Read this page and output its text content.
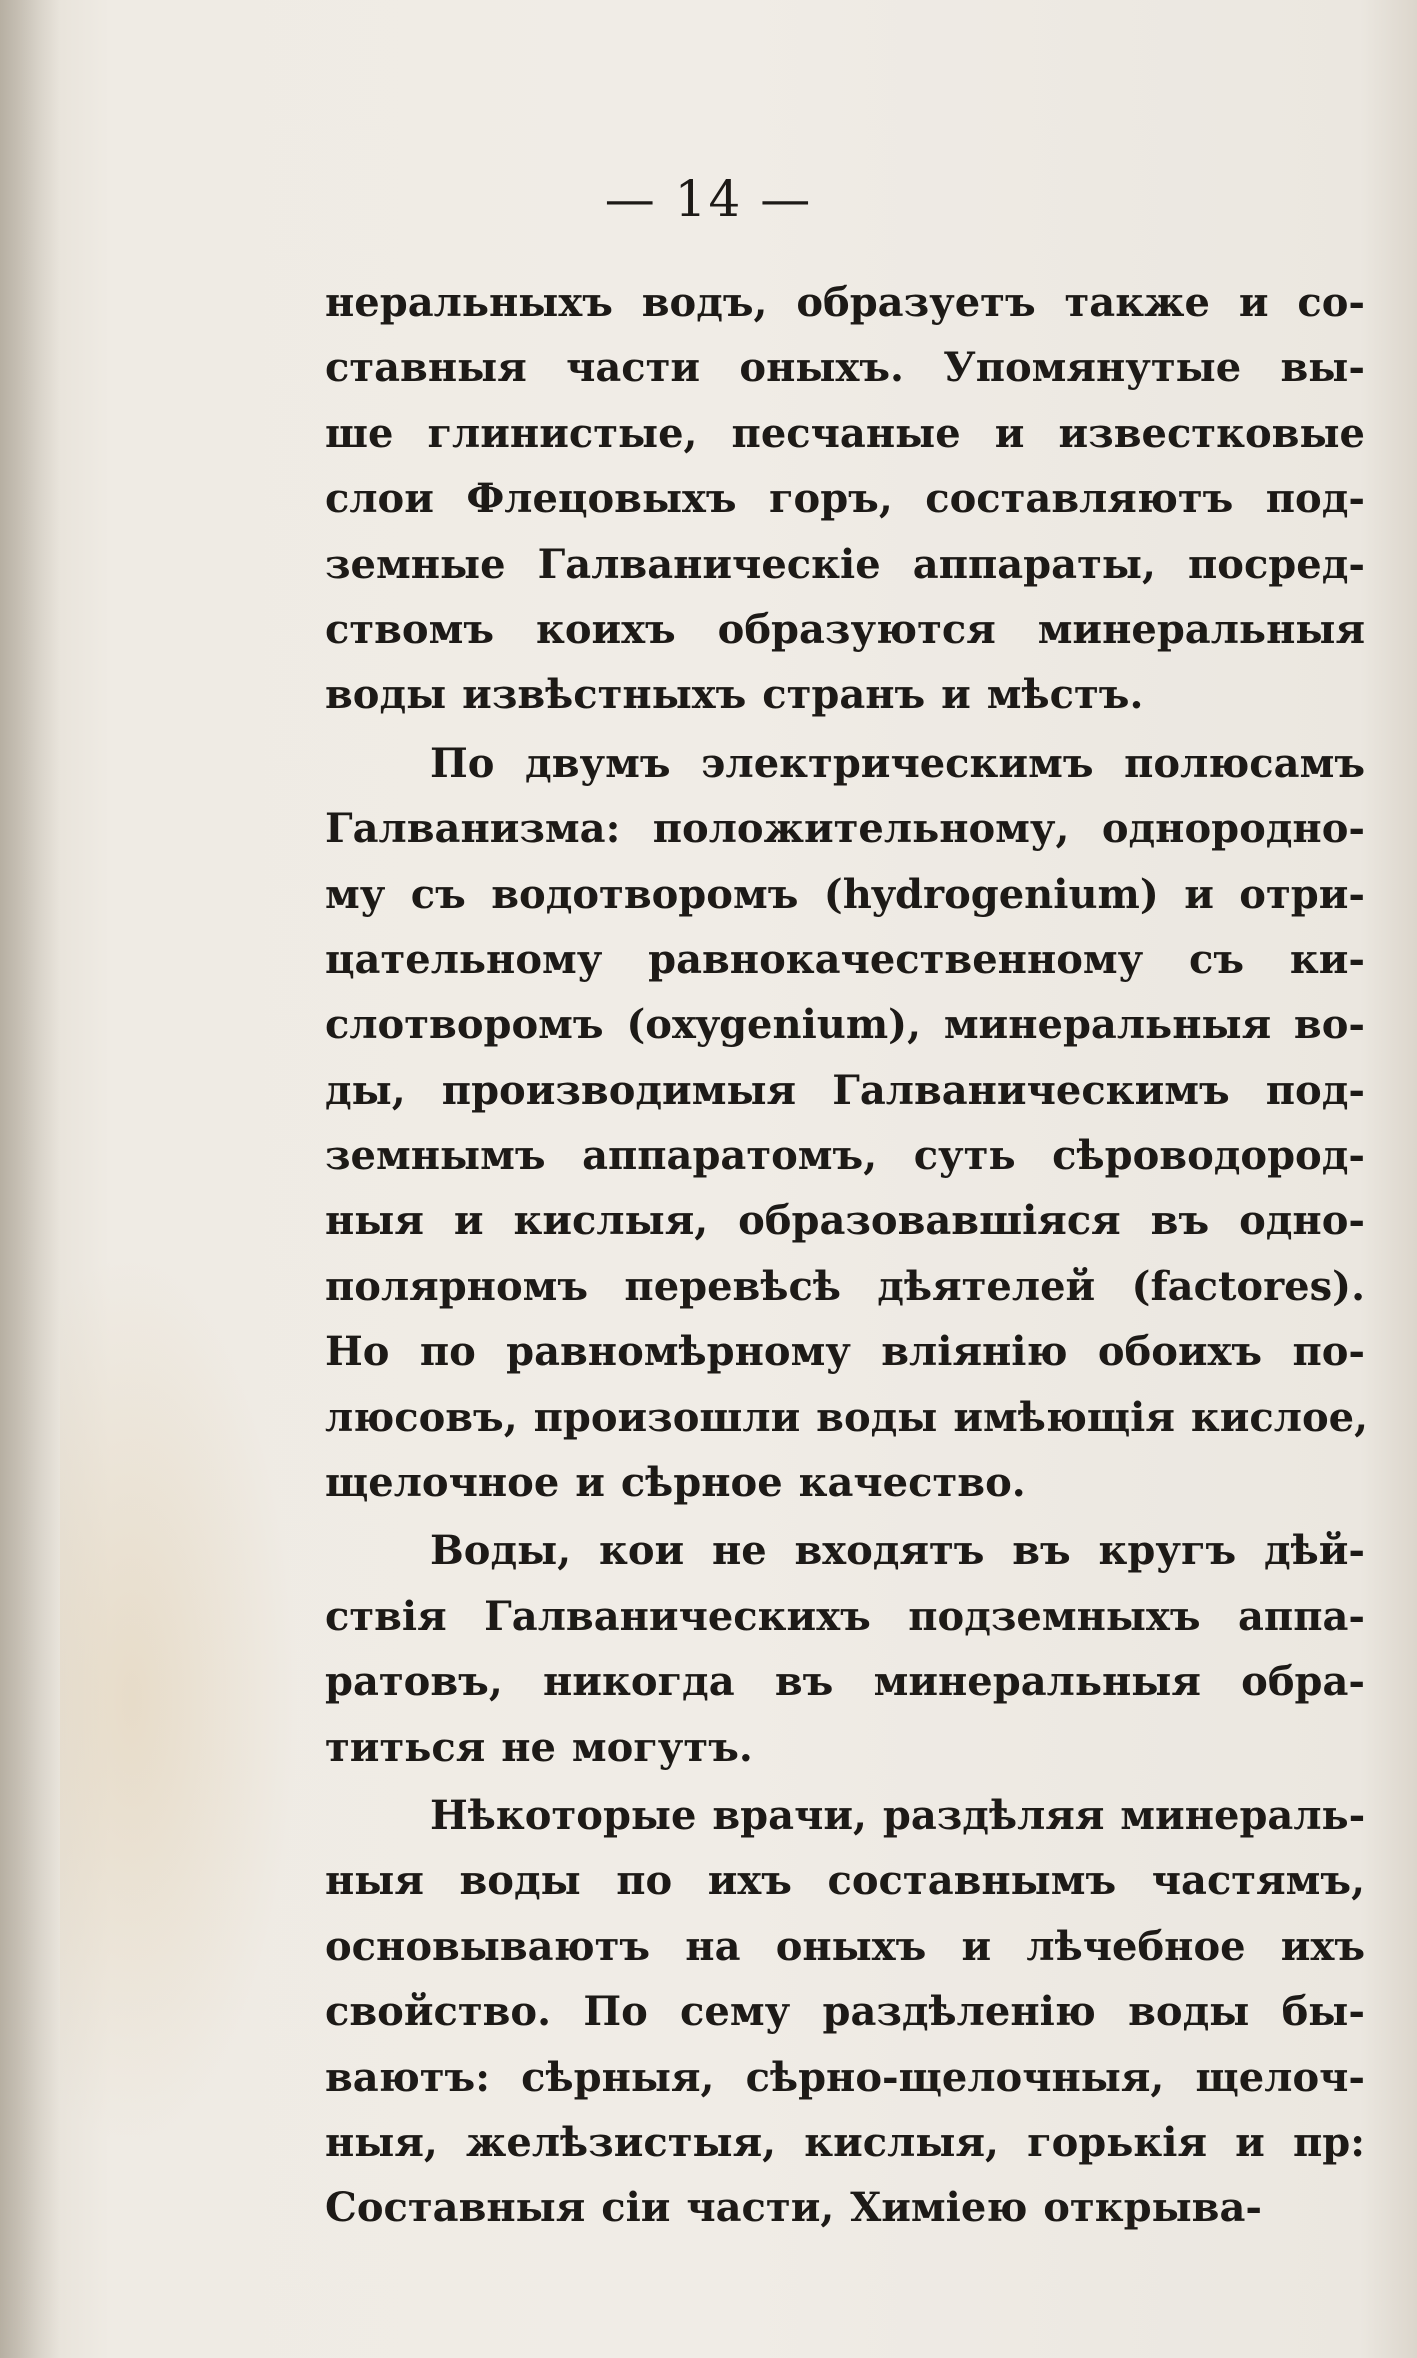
— 14 —
неральныхъ водъ, образуетъ также и со-
ставныя части оныхъ. Упомянутые вы-
ше глинистые, песчаные и известковые
слои Флецовыхъ горъ, составляютъ под-
земные Галваническіе аппараты, посред-
ствомъ коихъ образуются минеральныя
воды извѣстныхъ странъ и мѣстъ.
По двумъ электрическимъ полюсамъ
Галванизма: положительному, однородно-
му съ водотворомъ (hydrogenium) и отри-
цательному равнокачественному съ ки-
слотворомъ (oxygenium), минеральныя во-
ды, производимыя Галваническимъ под-
земнымъ аппаратомъ, суть сѣроводород-
ныя и кислыя, образовавшіяся въ одно-
полярномъ перевѣсѣ дѣятелей (factores).
Но по равномѣрному вліянію обоихъ по-
люсовъ, произошли воды имѣющія кислое,
щелочное и сѣрное качество.
Воды, кои не входятъ въ кругъ дѣй-
ствія Галваническихъ подземныхъ аппа-
ратовъ, никогда въ минеральныя обра-
титься не могутъ.
Нѣкоторые врачи, раздѣляя минераль-
ныя воды по ихъ составнымъ частямъ,
основываютъ на оныхъ и лѣчебное ихъ
свойство. По сему раздѣленію воды бы-
ваютъ: сѣрныя, сѣрно-щелочныя, щелоч-
ныя, желѣзистыя, кислыя, горькія и пр:
Составныя сіи части, Химіею открыва-
